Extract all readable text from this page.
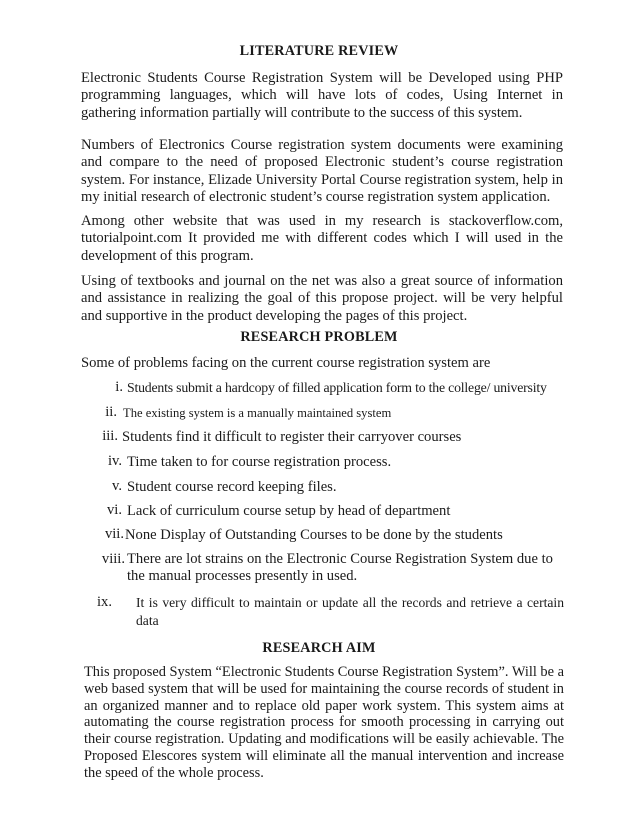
LITERATURE REVIEW
Electronic Students Course Registration System will be Developed using PHP programming languages, which will have lots of codes, Using Internet in gathering information partially will contribute to the success of this system.
Numbers of Electronics Course registration system documents were examining and compare to the need of proposed Electronic student’s course registration system. For instance, Elizade University Portal Course registration system, help in my initial research of electronic student’s course registration system application.
Among other website that was used in my research is stackoverflow.com, tutorialpoint.com It provided me with different codes which I will used in the development of this program.
Using of textbooks and journal on the net was also a great source of information and assistance in realizing the goal of this propose project. will be very helpful and supportive in the product developing the pages of this project.
RESEARCH PROBLEM
Some of problems facing on the current course registration system are
i. Students submit a hardcopy of filled application form to the college/ university
ii. The existing system is a manually maintained system
iii. Students find it difficult to register their carryover courses
iv. Time taken to for course registration process.
v. Student course record keeping files.
vi. Lack of curriculum course setup by head of department
vii. None Display of Outstanding Courses to be done by the students
viii. There are lot strains on the Electronic Course Registration System due to the manual processes presently in used.
ix. It is very difficult to maintain or update all the records and retrieve a certain data
RESEARCH AIM
This proposed System “Electronic Students Course Registration System”. Will be a web based system that will be used for maintaining the course records of student in an organized manner and to replace old paper work system. This system aims at automating the course registration process for smooth processing in carrying out their course registration. Updating and modifications will be easily achievable. The Proposed Elescores system will eliminate all the manual intervention and increase the speed of the whole process.
